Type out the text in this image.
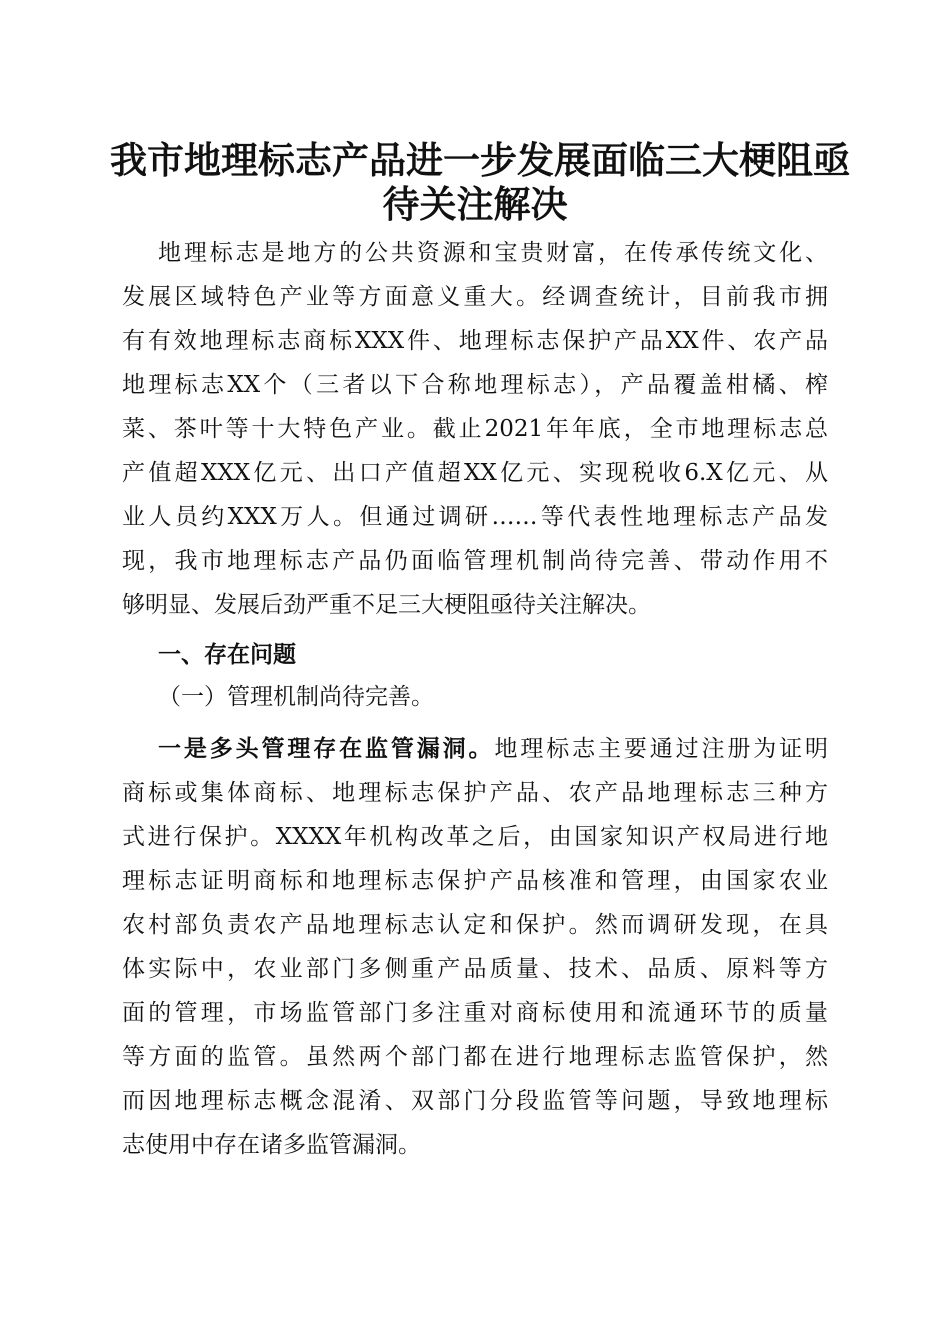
我市地理标志产品进一步发展面临三大梗阻亟
待关注解决
地理标志是地方的公共资源和宝贵财富，在传承传统文化、
发展区域特色产业等方面意义重大。经调查统计，目前我市拥
有有效地理标志商标XXX件、地理标志保护产品XX件、农产品
地理标志XX个（三者以下合称地理标志），产品覆盖柑橘、榨
菜、茶叶等十大特色产业。截止2021年年底，全市地理标志总
产值超XXX亿元、出口产值超XX亿元、实现税收6.X亿元、从
业人员约XXX万人。但通过调研……等代表性地理标志产品发
现，我市地理标志产品仍面临管理机制尚待完善、带动作用不
够明显、发展后劲严重不足三大梗阻亟待关注解决。
一、存在问题
（一）管理机制尚待完善。
一是多头管理存在监管漏洞。地理标志主要通过注册为证明
商标或集体商标、地理标志保护产品、农产品地理标志三种方
式进行保护。XXXX年机构改革之后，由国家知识产权局进行地
理标志证明商标和地理标志保护产品核准和管理，由国家农业
农村部负责农产品地理标志认定和保护。然而调研发现，在具
体实际中，农业部门多侧重产品质量、技术、品质、原料等方
面的管理，市场监管部门多注重对商标使用和流通环节的质量
等方面的监管。虽然两个部门都在进行地理标志监管保护，然
而因地理标志概念混淆、双部门分段监管等问题，导致地理标
志使用中存在诸多监管漏洞。
